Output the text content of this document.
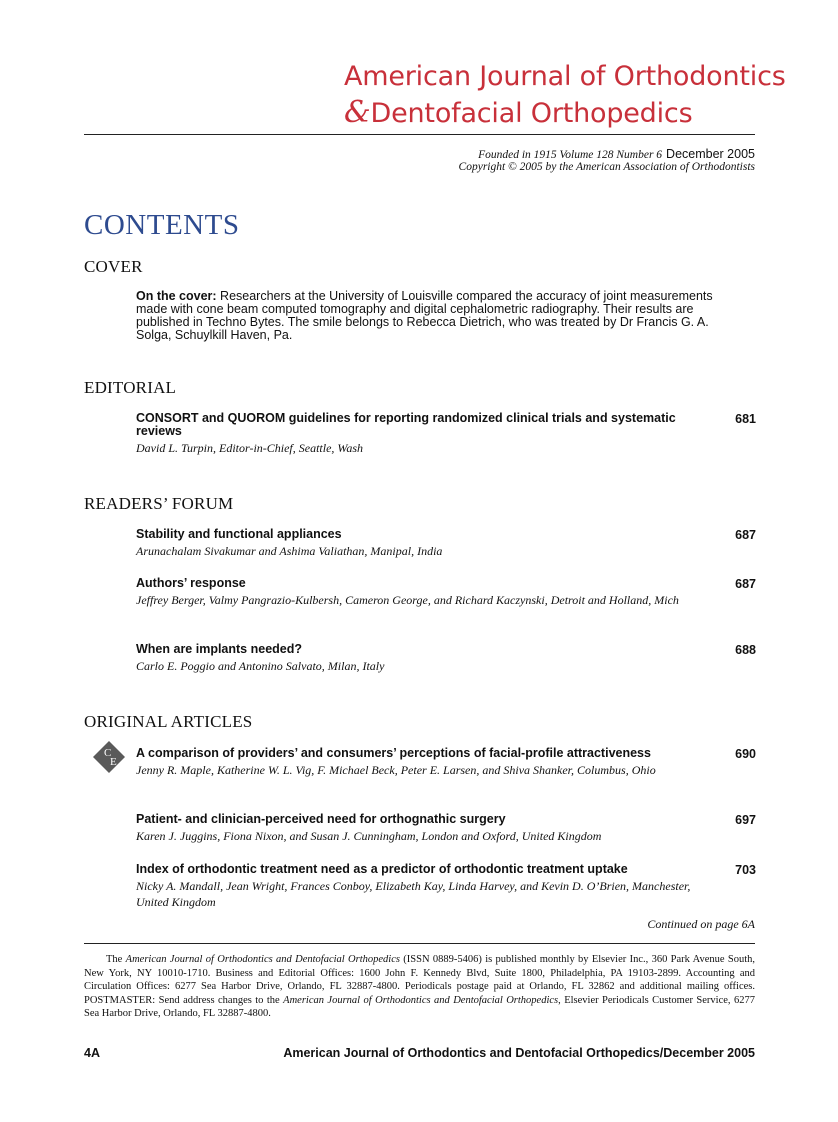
American Journal of Orthodontics
&Dentofacial Orthopedics
Founded in 1915 Volume 128 Number 6 December 2005
Copyright © 2005 by the American Association of Orthodontists
CONTENTS
COVER
On the cover: Researchers at the University of Louisville compared the accuracy of joint measurements made with cone beam computed tomography and digital cephalometric radiography. Their results are published in Techno Bytes. The smile belongs to Rebecca Dietrich, who was treated by Dr Francis G. A. Solga, Schuylkill Haven, Pa.
EDITORIAL
CONSORT and QUOROM guidelines for reporting randomized clinical trials and systematic reviews
David L. Turpin, Editor-in-Chief, Seattle, Wash
681
READERS’ FORUM
Stability and functional appliances
Arunachalam Sivakumar and Ashima Valiathan, Manipal, India
687
Authors’ response
Jeffrey Berger, Valmy Pangrazio-Kulbersh, Cameron George, and Richard Kaczynski, Detroit and Holland, Mich
687
When are implants needed?
Carlo E. Poggio and Antonino Salvato, Milan, Italy
688
ORIGINAL ARTICLES
C
E
A comparison of providers’ and consumers’ perceptions of facial-profile attractiveness
Jenny R. Maple, Katherine W. L. Vig, F. Michael Beck, Peter E. Larsen, and Shiva Shanker, Columbus, Ohio
690
Patient- and clinician-perceived need for orthognathic surgery
Karen J. Juggins, Fiona Nixon, and Susan J. Cunningham, London and Oxford, United Kingdom
697
Index of orthodontic treatment need as a predictor of orthodontic treatment uptake
Nicky A. Mandall, Jean Wright, Frances Conboy, Elizabeth Kay, Linda Harvey, and Kevin D. O’Brien, Manchester, United Kingdom
703
Continued on page 6A
The American Journal of Orthodontics and Dentofacial Orthopedics (ISSN 0889-5406) is published monthly by Elsevier Inc., 360 Park Avenue South, New York, NY 10010-1710. Business and Editorial Offices: 1600 John F. Kennedy Blvd, Suite 1800, Philadelphia, PA 19103-2899. Accounting and Circulation Offices: 6277 Sea Harbor Drive, Orlando, FL 32887-4800. Periodicals postage paid at Orlando, FL 32862 and additional mailing offices. POSTMASTER: Send address changes to the American Journal of Orthodontics and Dentofacial Orthopedics, Elsevier Periodicals Customer Service, 6277 Sea Harbor Drive, Orlando, FL 32887-4800.
4A	American Journal of Orthodontics and Dentofacial Orthopedics/December 2005
